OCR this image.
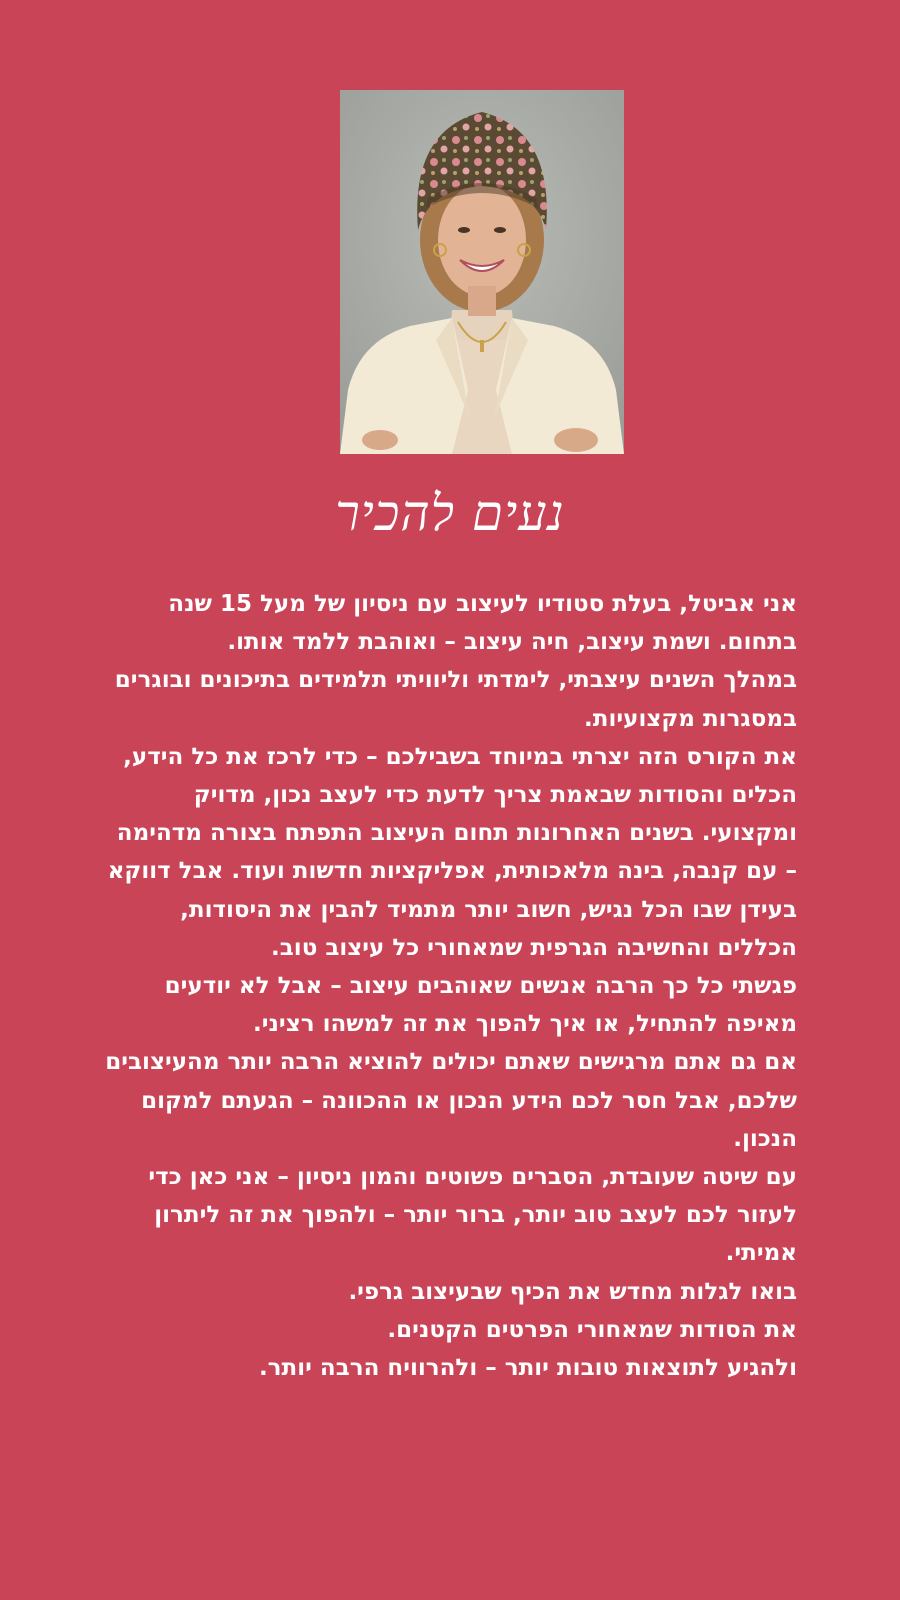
נעים להכיר

אני אביטל, בעלת סטודיו לעיצוב עם ניסיון של מעל 15 שנה בתחום. ושמת עיצוב, חיה עיצוב – ואוהבת ללמד אותו.

במהלך השנים עיצבתי, לימדתי וליוויתי תלמידים בתיכונים ובוגרים במסגרות מקצועיות.

את הקורס הזה יצרתי במיוחד בשבילכם – כדי לרכז את כל הידע, הכלים והסודות שבאמת צריך לדעת כדי לעצב נכון, מדויק ומקצועי. בשנים האחרונות תחום העיצוב התפתח בצורה מדהימה – עם קנבה, בינה מלאכותית, אפליקציות חדשות ועוד. אבל דווקא בעידן שבו הכל נגיש, חשוב יותר מתמיד להבין את היסודות, הכללים והחשיבה הגרפית שמאחורי כל עיצוב טוב.

פגשתי כל כך הרבה אנשים שאוהבים עיצוב – אבל לא יודעים מאיפה להתחיל, או איך להפוך את זה למשהו רציני.

אם גם אתם מרגישים שאתם יכולים להוציא הרבה יותר מהעיצובים שלכם, אבל חסר לכם הידע הנכון או ההכוונה – הגעתם למקום הנכון.

עם שיטה שעובדת, הסברים פשוטים והמון ניסיון – אני כאן כדי לעזור לכם לעצב טוב יותר, ברור יותר – ולהפוך את זה ליתרון אמיתי.

בואו לגלות מחדש את הכיף שבעיצוב גרפי.

את הסודות שמאחורי הפרטים הקטנים.

ולהגיע לתוצאות טובות יותר – ולהרוויח הרבה יותר.
